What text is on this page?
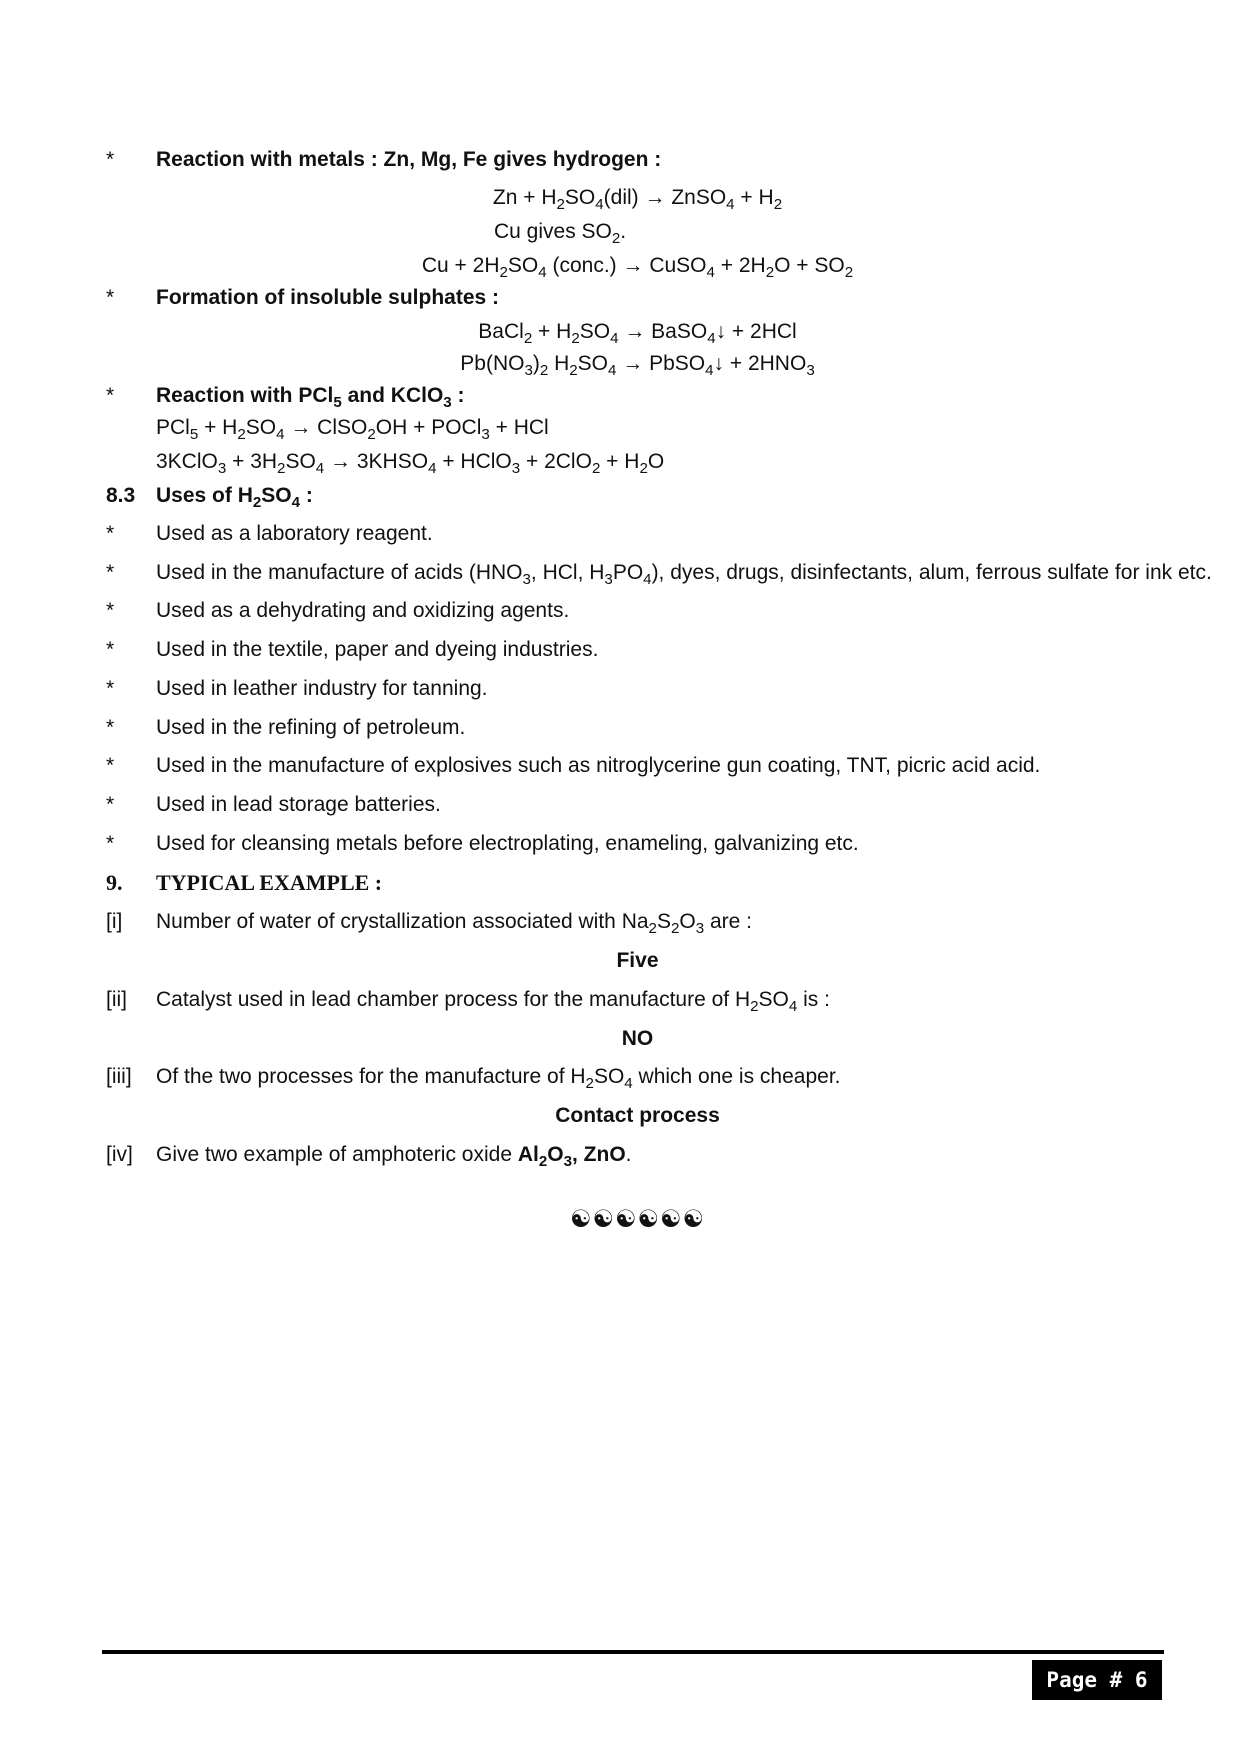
*	Reaction with metals : Zn, Mg, Fe gives hydrogen :
$Zn + H_2SO_4(dil)$ → ZnSO$_4$ + $H_2$
Cu gives $SO_2$.
$Cu + 2H_2SO_4$ (conc.) → CuSO$_4$ + $2H_2O + SO_2$
*	Formation of insoluble sulphates :
BaCl$_2$ + $H_2SO_4$ → BaSO$_4$↓ + 2HCl
$Pb(NO_3)_2$ $H_2SO_4$ → PbSO$_4$↓ + $2HNO_3$
*	Reaction with PCl$_5$ and KClO$_3$ :
$PCl_5 + H_2SO_4$ → ClSO$_2$OH + POCl$_3$ + HCl
3KClO$_3$ + $3H_2SO_4$ → $3KHSO_4$ + HClO$_3$ + $2ClO_2 + H_2O$
8.3 Uses of $H_2SO_4$ :
*	Used as a laboratory reagent.
*	Used in the manufacture of acids ($HNO_3$, HCl, $H_3PO_4$), dyes, drugs, disinfectants, alum, ferrous sulfate for ink etc.
*	Used as a dehydrating and oxidizing agents.
*	Used in the textile, paper and dyeing industries.
*	Used in leather industry for tanning.
*	Used in the refining of petroleum.
*	Used in the manufacture of explosives such as nitroglycerine gun coating, TNT, picric acid acid.
*	Used in lead storage batteries.
*	Used for cleansing metals before electroplating, enameling, galvanizing etc.
9. TYPICAL EXAMPLE :
[i] Number of water of crystallization associated with $Na_2S_2O_3$ are :
Five
[ii] Catalyst used in lead chamber process for the manufacture of $H_2SO_4$ is :
NO
[iii] Of the two processes for the manufacture of $H_2SO_4$ which one is cheaper.
Contact process
[iv] Give two example of amphoteric oxide $Al_2O_3$, ZnO.
☯☯☯☯☯☯
Page # 6
